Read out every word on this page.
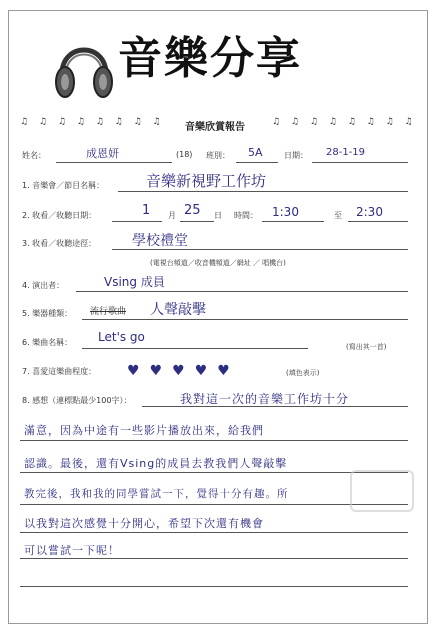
音樂分享
♫ ♫ ♫ ♫ ♫ ♫ ♫ ♫ 音樂欣賞報告	♫ ♫ ♫ ♫ ♫ ♫ ♫ ♫
姓名：	成恩妍	(18) 班別： 5A	日期： 28-1-19
1. 音樂會／節目名稱：	音樂新視野工作坊
2. 收看／收聽日期：	1 月 25 日 時間： 1:30	至 2:30
3. 收看／收聽途徑：	學校禮堂
(電視台頻道／收音機頻道／網址 ／ 唱機台)
4. 演出者：	Vsing 成員
5. 樂器種類： 流行歌曲 人聲敲擊
6. 樂曲名稱： Let's go
(寫出其一首)
7. 喜愛這樂曲程度： ♥ ♥ ♥ ♥ ♥	(填色表示)
8. 感想（連標點最少100字）：	我對這一次的音樂工作坊十分
滿意，因為中途有一些影片播放出來，給我們
認識。最後，還有Vsing的成員去教我們人聲敲擊
教完後，我和我的同學嘗試一下，覺得十分有趣。所
以我對這次感覺十分開心，希望下次還有機會
可以嘗試一下呢！
